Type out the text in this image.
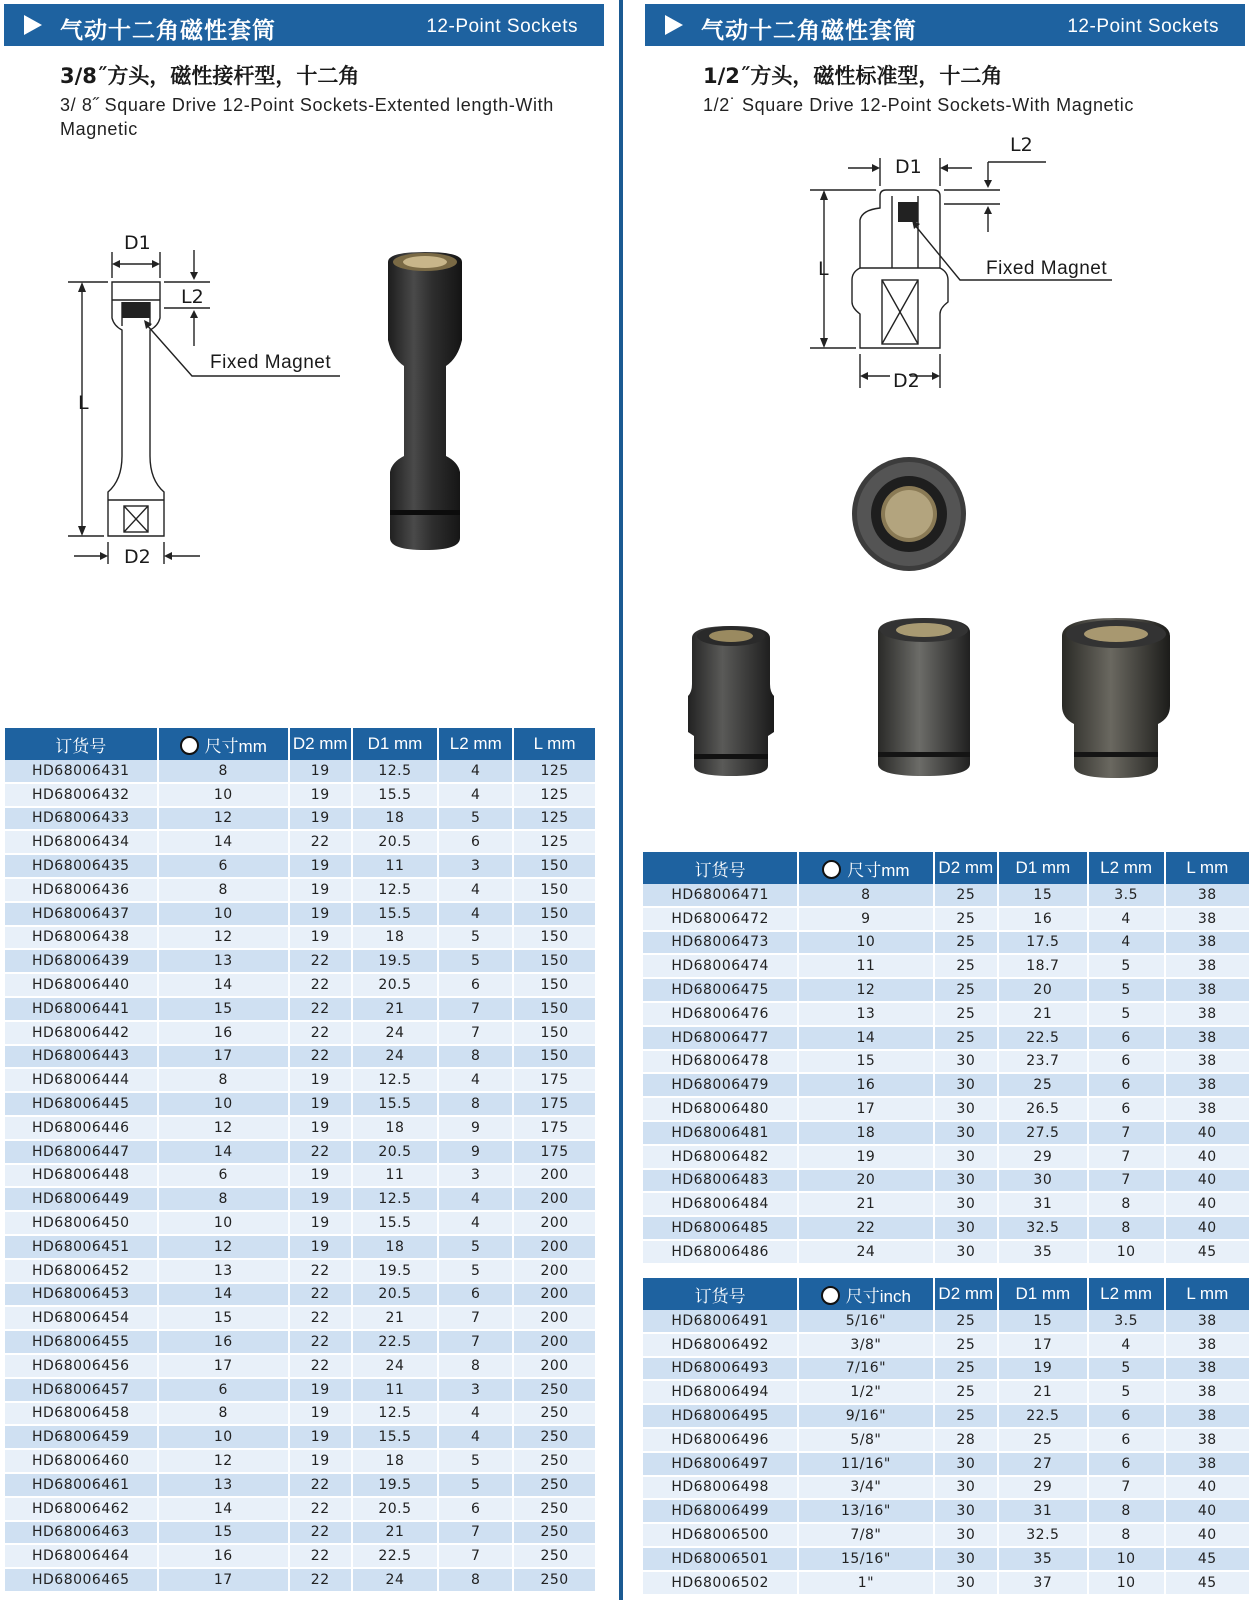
气动十二角磁性套筒	12-Point Sockets
3/8˝方头，磁性接杆型，十二角
3/ 8˝ Square Drive 12-Point Sockets-Extented length-With Magnetic
D1
L
L2
D2
Fixed Magnet
订货号	尺寸mm	D2 mm	D1 mm	L2 mm	L mm
HD68006431	8	19	12.5	4	125
HD68006432	10	19	15.5	4	125
HD68006433	12	19	18	5	125
HD68006434	14	22	20.5	6	125
HD68006435	6	19	11	3	150
HD68006436	8	19	12.5	4	150
HD68006437	10	19	15.5	4	150
HD68006438	12	19	18	5	150
HD68006439	13	22	19.5	5	150
HD68006440	14	22	20.5	6	150
HD68006441	15	22	21	7	150
HD68006442	16	22	24	7	150
HD68006443	17	22	24	8	150
HD68006444	8	19	12.5	4	175
HD68006445	10	19	15.5	8	175
HD68006446	12	19	18	9	175
HD68006447	14	22	20.5	9	175
HD68006448	6	19	11	3	200
HD68006449	8	19	12.5	4	200
HD68006450	10	19	15.5	4	200
HD68006451	12	19	18	5	200
HD68006452	13	22	19.5	5	200
HD68006453	14	22	20.5	6	200
HD68006454	15	22	21	7	200
HD68006455	16	22	22.5	7	200
HD68006456	17	22	24	8	200
HD68006457	6	19	11	3	250
HD68006458	8	19	12.5	4	250
HD68006459	10	19	15.5	4	250
HD68006460	12	19	18	5	250
HD68006461	13	22	19.5	5	250
HD68006462	14	22	20.5	6	250
HD68006463	15	22	21	7	250
HD68006464	16	22	22.5	7	250
HD68006465	17	22	24	8	250
气动十二角磁性套筒	12-Point Sockets
1/2˝方头，磁性标准型，十二角
1/2˙ Square Drive 12-Point Sockets-With Magnetic
D1
L2
L
D2
Fixed Magnet
订货号	尺寸mm	D2 mm	D1 mm	L2 mm	L mm
HD68006471	8	25	15	3.5	38
HD68006472	9	25	16	4	38
HD68006473	10	25	17.5	4	38
HD68006474	11	25	18.7	5	38
HD68006475	12	25	20	5	38
HD68006476	13	25	21	5	38
HD68006477	14	25	22.5	6	38
HD68006478	15	30	23.7	6	38
HD68006479	16	30	25	6	38
HD68006480	17	30	26.5	6	38
HD68006481	18	30	27.5	7	40
HD68006482	19	30	29	7	40
HD68006483	20	30	30	7	40
HD68006484	21	30	31	8	40
HD68006485	22	30	32.5	8	40
HD68006486	24	30	35	10	45
订货号	尺寸inch	D2 mm	D1 mm	L2 mm	L mm
HD68006491	5/16"	25	15	3.5	38
HD68006492	3/8"	25	17	4	38
HD68006493	7/16"	25	19	5	38
HD68006494	1/2"	25	21	5	38
HD68006495	9/16"	25	22.5	6	38
HD68006496	5/8"	28	25	6	38
HD68006497	11/16"	30	27	6	38
HD68006498	3/4"	30	29	7	40
HD68006499	13/16"	30	31	8	40
HD68006500	7/8"	30	32.5	8	40
HD68006501	15/16"	30	35	10	45
HD68006502	1"	30	37	10	45
